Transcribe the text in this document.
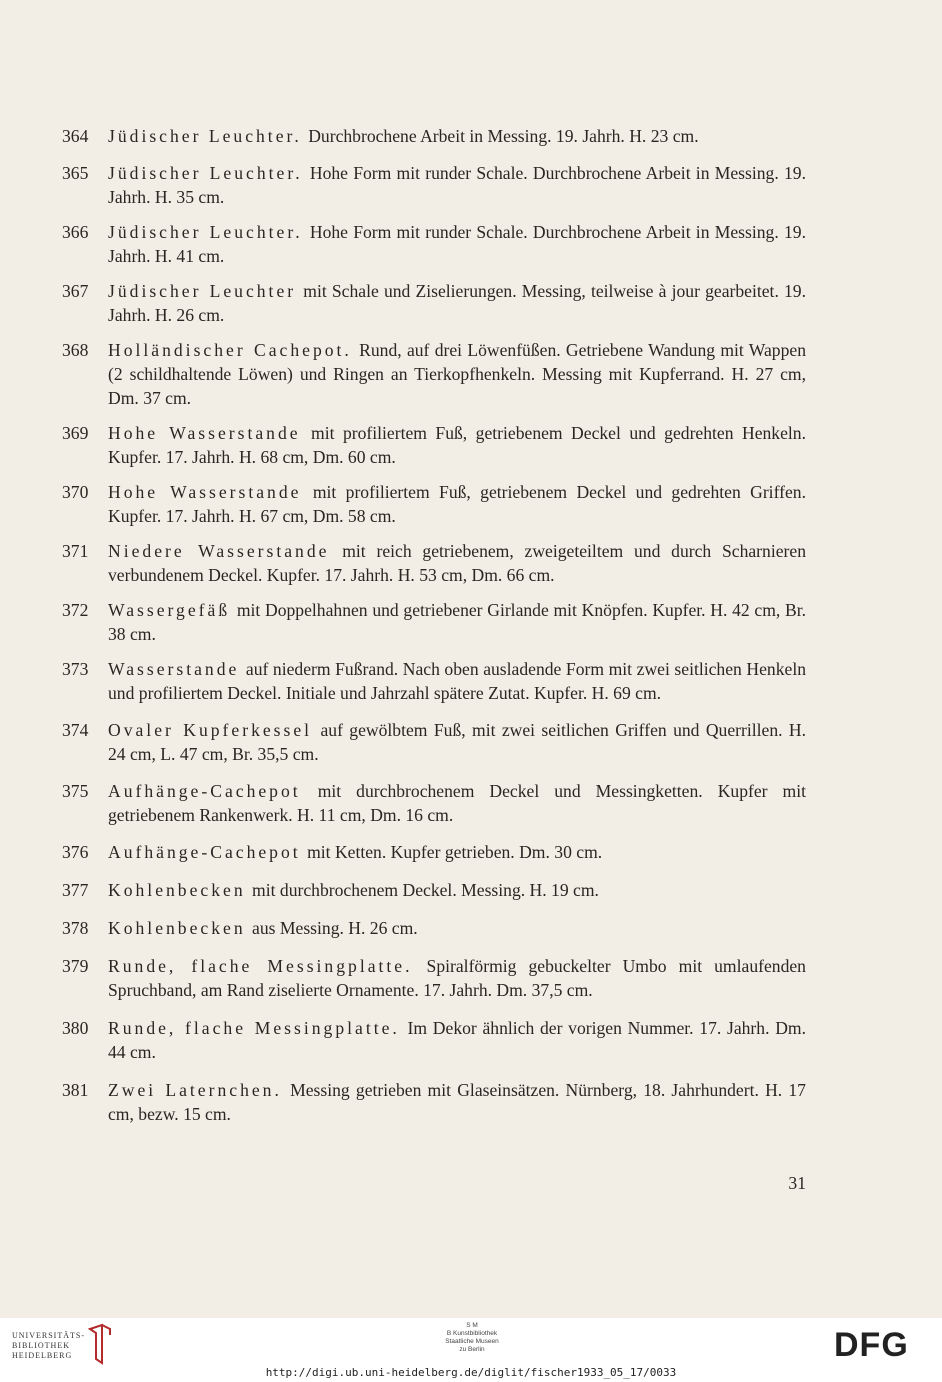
364	Jüdischer Leuchter. Durchbrochene Arbeit in Messing. 19. Jahrh. H. 23 cm.
365	Jüdischer Leuchter. Hohe Form mit runder Schale. Durchbrochene Arbeit in Messing. 19. Jahrh. H. 35 cm.
366	Jüdischer Leuchter. Hohe Form mit runder Schale. Durchbrochene Arbeit in Messing. 19. Jahrh. H. 41 cm.
367	Jüdischer Leuchter mit Schale und Ziselierungen. Messing, teilweise à jour gearbeitet. 19. Jahrh. H. 26 cm.
368	Holländischer Cachepot. Rund, auf drei Löwenfüßen. Getriebene Wandung mit Wappen (2 schildhaltende Löwen) und Ringen an Tierkopfhenkeln. Messing mit Kupferrand. H. 27 cm, Dm. 37 cm.
369	Hohe Wasserstande mit profiliertem Fuß, getriebenem Deckel und gedrehten Henkeln. Kupfer. 17. Jahrh. H. 68 cm, Dm. 60 cm.
370	Hohe Wasserstande mit profiliertem Fuß, getriebenem Deckel und gedrehten Griffen. Kupfer. 17. Jahrh. H. 67 cm, Dm. 58 cm.
371	Niedere Wasserstande mit reich getriebenem, zweigeteiltem und durch Scharnieren verbundenem Deckel. Kupfer. 17. Jahrh. H. 53 cm, Dm. 66 cm.
372	Wassergefäß mit Doppelhahnen und getriebener Girlande mit Knöpfen. Kupfer. H. 42 cm, Br. 38 cm.
373	Wasserstande auf niederm Fußrand. Nach oben ausladende Form mit zwei seitlichen Henkeln und profiliertem Deckel. Initiale und Jahrzahl spätere Zutat. Kupfer. H. 69 cm.
374	Ovaler Kupferkessel auf gewölbtem Fuß, mit zwei seitlichen Griffen und Querrillen. H. 24 cm, L. 47 cm, Br. 35,5 cm.
375	Aufhänge-Cachepot mit durchbrochenem Deckel und Messingketten. Kupfer mit getriebenem Rankenwerk. H. 11 cm, Dm. 16 cm.
376	Aufhänge-Cachepot mit Ketten. Kupfer getrieben. Dm. 30 cm.
377	Kohlenbecken mit durchbrochenem Deckel. Messing. H. 19 cm.
378	Kohlenbecken aus Messing. H. 26 cm.
379	Runde, flache Messingplatte. Spiralförmig gebuckelter Umbo mit umlaufenden Spruchband, am Rand ziselierte Ornamente. 17. Jahrh. Dm. 37,5 cm.
380	Runde, flache Messingplatte. Im Dekor ähnlich der vorigen Nummer. 17. Jahrh. Dm. 44 cm.
381	Zwei Laternchen. Messing getrieben mit Glaseinsätzen. Nürnberg, 18. Jahrhundert. H. 17 cm, bezw. 15 cm.
31
UNIVERSITÄTS-
BIBLIOTHEK
HEIDELBERG
S M
B Kunstbibliothek
Staatliche Museen
zu Berlin	DFG
http://digi.ub.uni-heidelberg.de/diglit/fischer1933_05_17/0033
